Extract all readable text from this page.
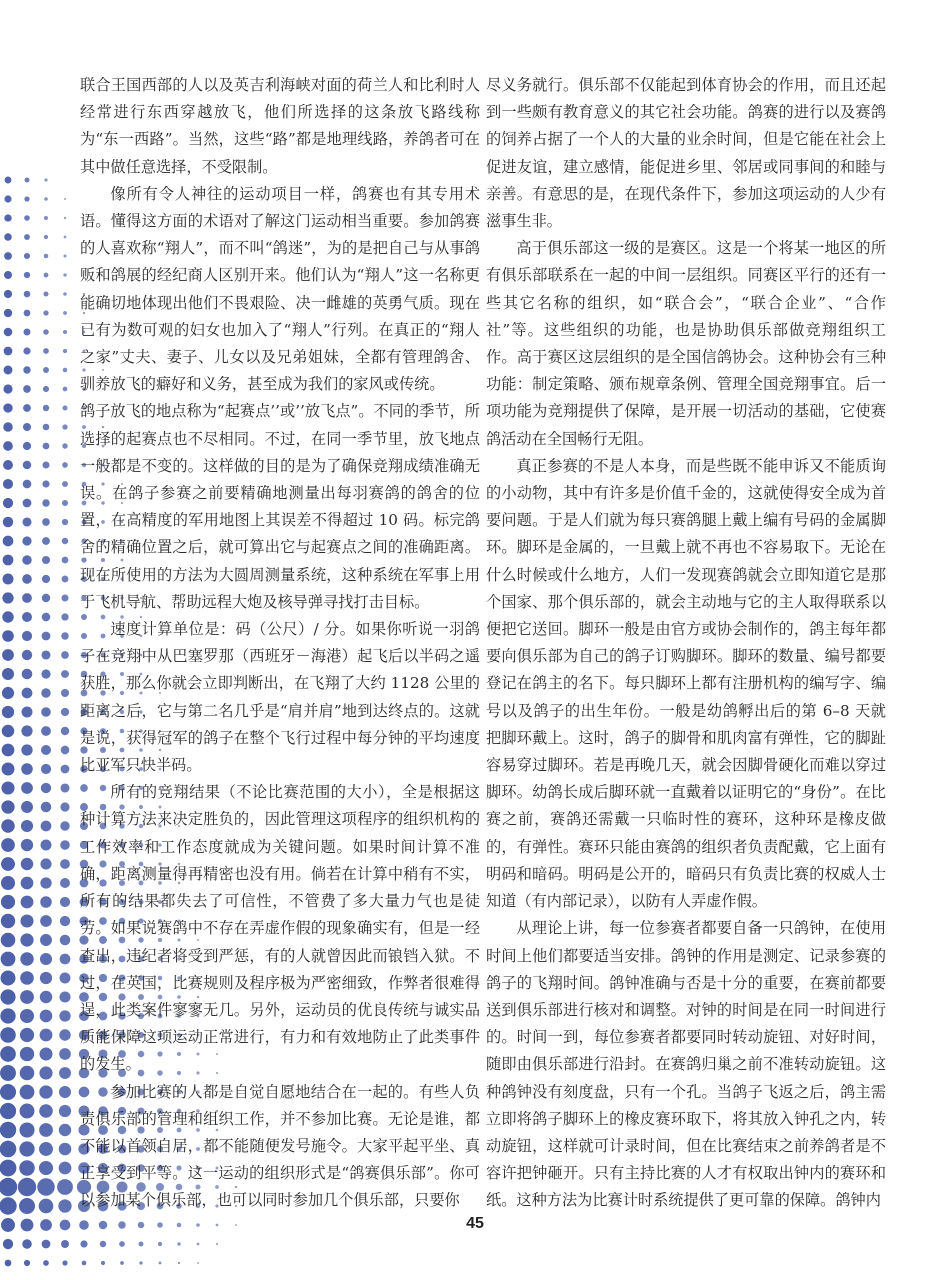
联合王国西部的人以及英吉利海峡对面的荷兰人和比利时人经常进行东西穿越放飞，他们所选择的这条放飞路线称为“东一西路”。当然，这些“路”都是地理线路，养鸽者可在其中做任意选择，不受限制。

像所有令人神往的运动项目一样，鸽赛也有其专用术语。懂得这方面的术语对了解这门运动相当重要。参加鸽赛的人喜欢称“翔人”，而不叫“鸽迷”，为的是把自己与从事鸽贩和鸽展的经纪商人区别开来。他们认为“翔人”这一名称更能确切地体现出他们不畏艰险、决一雌雄的英勇气质。现在已有为数可观的妇女也加入了“翔人”行列。在真正的“翔人之家”丈夫、妻子、儿女以及兄弟姐妹，全都有管理鸽舍、驯养放飞的癖好和义务，甚至成为我们的家风或传统。

鸽子放飞的地点称为“起赛点’’或’’放飞点”。不同的季节，所选择的起赛点也不尽相同。不过，在同一季节里，放飞地点一般都是不变的。这样做的目的是为了确保竞翔成绩准确无误。在鸽子参赛之前要精确地测量出每羽赛鸽的鸽舍的位置，在高精度的军用地图上其误差不得超过 10 码。标完鸽舍的精确位置之后，就可算出它与起赛点之间的准确距离。现在所使用的方法为大圆周测量系统，这种系统在军事上用于飞机导航、帮助远程大炮及核导弹寻找打击目标。

速度计算单位是：码（公尺）/ 分。如果你听说一羽鸽子在竞翔中从巴塞罗那（西班牙－海港）起飞后以半码之遥获胜，那么你就会立即判断出，在飞翔了大约 1128 公里的距离之后，它与第二名几乎是“肩并肩”地到达终点的。这就是说，获得冠军的鸽子在整个飞行过程中每分钟的平均速度比亚军只快半码。

所有的竞翔结果（不论比赛范围的大小），全是根据这种计算方法来决定胜负的，因此管理这项程序的组织机构的工作效率和工作态度就成为关键问题。如果时间计算不准确，距离测量得再精密也没有用。倘若在计算中稍有不实，所有的结果都失去了可信性，不管费了多大量力气也是徒劳。如果说赛鸽中不存在弄虚作假的现象确实有，但是一经查出，违纪者将受到严惩，有的人就曾因此而锒铛入狱。不过，在英国，比赛规则及程序极为严密细致，作弊者很难得逞，此类案件寥寥无几。另外，运动员的优良传统与诚实品质能保障这项运动正常进行，有力和有效地防止了此类事件的发生。

参加比赛的人都是自觉自愿地结合在一起的。有些人负责俱乐部的管理和组织工作，并不参加比赛。无论是谁，都不能以首领自居，都不能随便发号施令。大家平起平坐、真正享受到平等。这一运动的组织形式是“鸽赛俱乐部”。你可以参加某个俱乐部，也可以同时参加几个俱乐部，只要你

尽义务就行。俱乐部不仅能起到体育协会的作用，而且还起到一些颇有教育意义的其它社会功能。鸽赛的进行以及赛鸽的饲养占据了一个人的大量的业余时间，但是它能在社会上促进友谊，建立感情，能促进乡里、邻居或同事间的和睦与亲善。有意思的是，在现代条件下，参加这项运动的人少有滋事生非。

高于俱乐部这一级的是赛区。这是一个将某一地区的所有俱乐部联系在一起的中间一层组织。同赛区平行的还有一些其它名称的组织，如“联合会”，“联合企业”、“合作社”等。这些组织的功能，也是协助俱乐部做竞翔组织工作。高于赛区这层组织的是全国信鸽协会。这种协会有三种功能：制定策略、颁布规章条例、管理全国竞翔事宜。后一项功能为竞翔提供了保障，是开展一切活动的基础，它使赛鸽活动在全国畅行无阻。

真正参赛的不是人本身，而是些既不能申诉又不能质询的小动物，其中有许多是价值千金的，这就使得安全成为首要问题。于是人们就为每只赛鸽腿上戴上编有号码的金属脚环。脚环是金属的，一旦戴上就不再也不容易取下。无论在什么时候或什么地方，人们一发现赛鸽就会立即知道它是那个国家、那个俱乐部的，就会主动地与它的主人取得联系以便把它送回。脚环一般是由官方或协会制作的，鸽主每年都要向俱乐部为自己的鸽子订购脚环。脚环的数量、编号都要登记在鸽主的名下。每只脚环上都有注册机构的编写字、编号以及鸽子的出生年份。一般是幼鸽孵出后的第 6–8 天就把脚环戴上。这时，鸽子的脚骨和肌肉富有弹性，它的脚趾容易穿过脚环。若是再晚几天，就会因脚骨硬化而难以穿过脚环。幼鸽长成后脚环就一直戴着以证明它的“身份”。在比赛之前，赛鸽还需戴一只临时性的赛环，这种环是橡皮做的，有弹性。赛环只能由赛鸽的组织者负责配戴，它上面有明码和暗码。明码是公开的，暗码只有负责比赛的权威人士知道（有内部记录），以防有人弄虚作假。

从理论上讲，每一位参赛者都要自备一只鸽钟，在使用时间上他们都要适当安排。鸽钟的作用是测定、记录参赛的鸽子的飞翔时间。鸽钟准确与否是十分的重要，在赛前都要送到俱乐部进行核对和调整。对钟的时间是在同一时间进行的。时间一到，每位参赛者都要同时转动旋钮、对好时间，随即由俱乐部进行沿封。在赛鸽归巢之前不准转动旋钮。这种鸽钟没有刻度盘，只有一个孔。当鸽子飞返之后，鸽主需立即将鸽子脚环上的橡皮赛环取下，将其放入钟孔之内，转动旋钮，这样就可计录时间，但在比赛结束之前养鸽者是不容许把钟砸开。只有主持比赛的人才有权取出钟内的赛环和纸。这种方法为比赛计时系统提供了更可靠的保障。鸽钟内

45
